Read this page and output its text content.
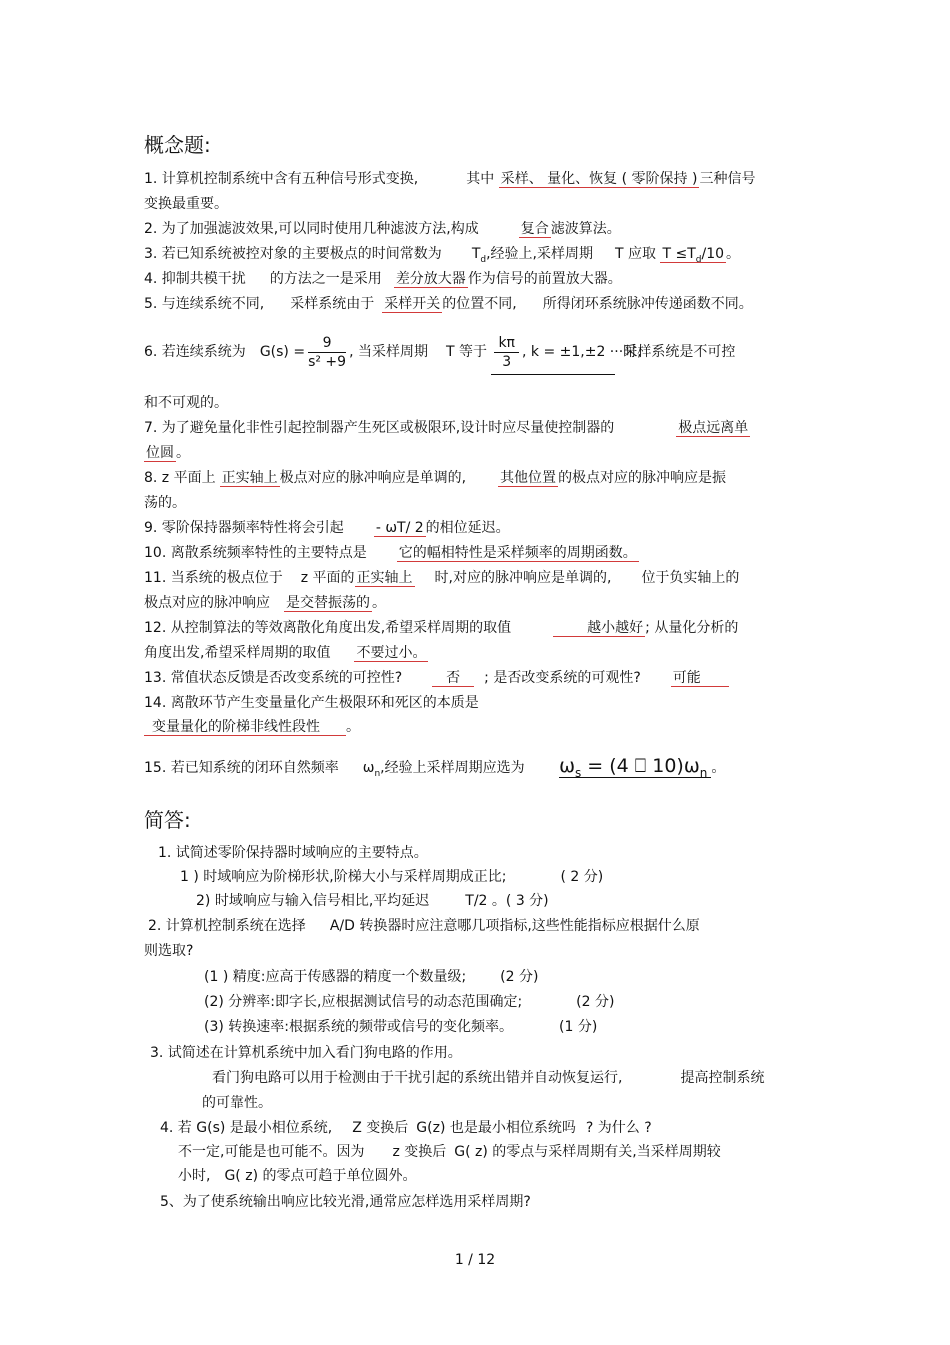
概念题:
1. 计算机控制系统中含有五种信号形式变换,	其中 采样、 量化、恢复 ( 零阶保持 ) 三种信号
变换最重要。
2. 为了加强滤波效果,可以同时使用几种滤波方法,构成	复合 滤波算法。
3. 若已知系统被控对象的主要极点的时间常数为 $T_d$,经验上,采样周期 T 应取 $T \le T_d/10$ 。
4. 抑制共模干扰 的方法之一是采用 差分放大器 作为信号的前置放大器。
5. 与连续系统不同, 采样系统由于 采样开关 的位置不同, 所得闭环系统脉冲传递函数不同。
6. 若连续系统为 $G(s) = \frac{9}{\text{s² +9}}$ , 当采样周期 T 等于 $\frac{k\pi}{3}$ , k = ±1,±2 ···时,采样系统是不可控
和不可观的。
7. 为了避免量化非性引起控制器产生死区或极限环,设计时应尽量使控制器的	极点远离单
位圆 。
8. z 平面上 正实轴上 极点对应的脉冲响应是单调的, 其他位置 的极点对应的脉冲响应是振
荡的。
9. 零阶保持器频率特性将会引起 - ωT/ 2 的相位延迟。
10. 离散系统频率特性的主要特点是 它的幅相特性是采样频率的周期函数。
11. 当系统的极点位于 z 平面的 正实轴上 时,对应的脉冲响应是单调的, 位于负实轴上的
极点对应的脉冲响应 是交替振荡的 。
12. 从控制算法的等效离散化角度出发,希望采样周期的取值	越小越好 ; 从量化分析的
角度出发,希望采样周期的取值 不要过小。
13. 常值状态反馈是否改变系统的可控性?	否 ; 是否改变系统的可观性? 可能
14. 离散环节产生变量量化产生极限环和死区的本质是
变量量化的阶梯非线性段性 。
15. 若已知系统的闭环自然频率 $\omega_n$,经验上采样周期应选为 $\omega_s = (4$ ⎕ $10)\omega_n$ 。
简答:
1. 试简述零阶保持器时域响应的主要特点。
1 ) 时域响应为阶梯形状,阶梯大小与采样周期成正比;	( 2 分)
2) 时域响应与输入信号相比,平均延迟	T/2 。( 3 分)
2. 计算机控制系统在选择 A/D 转换器时应注意哪几项指标,这些性能指标应根据什么原
则选取?
(1 ) 精度:应高于传感器的精度一个数量级; (2 分)
(2) 分辨率:即字长,应根据测试信号的动态范围确定;	(2 分)
(3) 转换速率:根据系统的频带或信号的变化频率。	(1 分)
3. 试简述在计算机系统中加入看门狗电路的作用。
看门狗电路可以用于检测由于干扰引起的系统出错并自动恢复运行,	提高控制系统
的可靠性。
4. 若 G(s) 是最小相位系统, Z 变换后 G(z) 也是最小相位系统吗 ? 为什么 ?
不一定,可能是也可能不。因为 z 变换后 G( z) 的零点与采样周期有关,当采样周期较
小时, G( z) 的零点可趋于单位圆外。
5、为了使系统输出响应比较光滑,通常应怎样选用采样周期?
1 / 12
